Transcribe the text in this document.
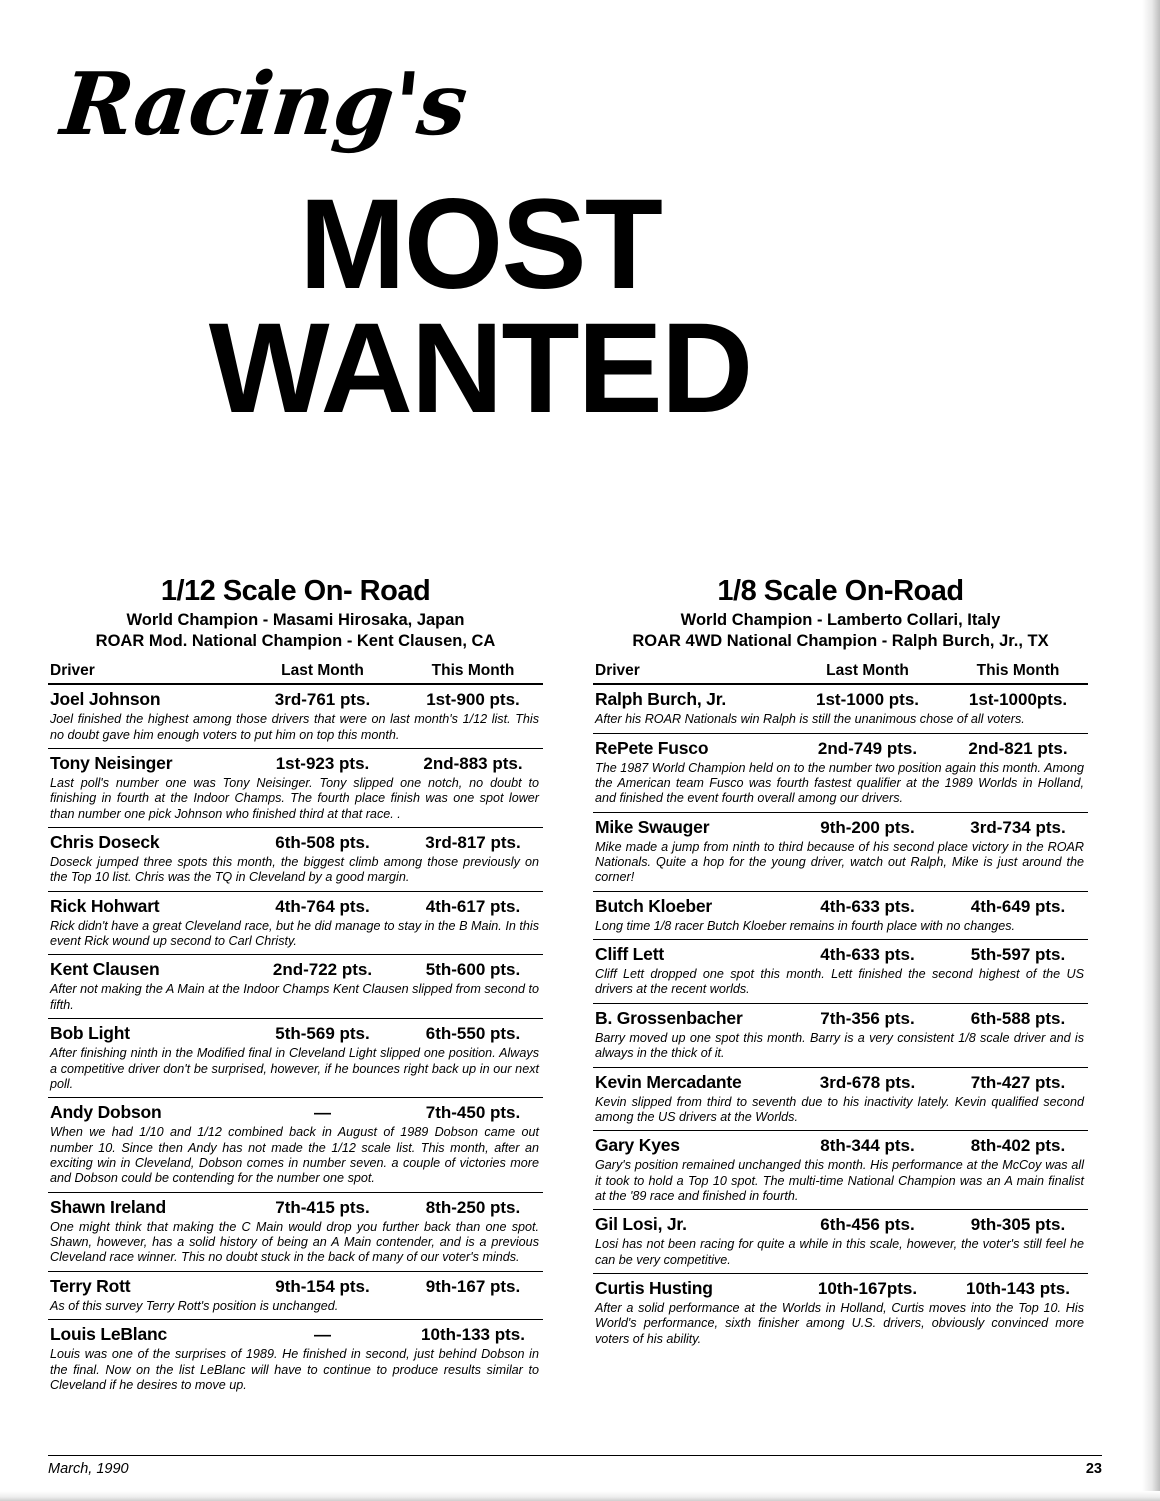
Racing's
MOST
WANTED
1/12 Scale On- Road
World Champion - Masami Hirosaka, Japan
ROAR Mod. National Champion - Kent Clausen, CA
Driver	Last Month	This Month
Joel Johnson	3rd-761 pts.	1st-900 pts.
Joel finished the highest among those drivers that were on last month's 1/12 list. This no doubt gave him enough voters to put him on top this month.
Tony Neisinger	1st-923 pts.	2nd-883 pts.
Last poll's number one was Tony Neisinger. Tony slipped one notch, no doubt to finishing in fourth at the Indoor Champs. The fourth place finish was one spot lower than number one pick Johnson who finished third at that race. .
Chris Doseck	6th-508 pts.	3rd-817 pts.
Doseck jumped three spots this month, the biggest climb among those previously on the Top 10 list. Chris was the TQ in Cleveland by a good margin.
Rick Hohwart	4th-764 pts.	4th-617 pts.
Rick didn't have a great Cleveland race, but he did manage to stay in the B Main. In this event Rick wound up second to Carl Christy.
Kent Clausen	2nd-722 pts.	5th-600 pts.
After not making the A Main at the Indoor Champs Kent Clausen slipped from second to fifth.
Bob Light	5th-569 pts.	6th-550 pts.
After finishing ninth in the Modified final in Cleveland Light slipped one position. Always a competitive driver don't be surprised, however, if he bounces right back up in our next poll.
Andy Dobson	—	7th-450 pts.
When we had 1/10 and 1/12 combined back in August of 1989 Dobson came out number 10. Since then Andy has not made the 1/12 scale list. This month, after an exciting win in Cleveland, Dobson comes in number seven. a couple of victories more and Dobson could be contending for the number one spot.
Shawn Ireland	7th-415 pts.	8th-250 pts.
One might think that making the C Main would drop you further back than one spot. Shawn, however, has a solid history of being an A Main contender, and is a previous Cleveland race winner. This no doubt stuck in the back of many of our voter's minds.
Terry Rott	9th-154 pts.	9th-167 pts.
As of this survey Terry Rott's position is unchanged.
Louis LeBlanc	—	10th-133 pts.
Louis was one of the surprises of 1989. He finished in second, just behind Dobson in the final. Now on the list LeBlanc will have to continue to produce results similar to Cleveland if he desires to move up.
1/8 Scale On-Road
World Champion - Lamberto Collari, Italy
ROAR 4WD National Champion - Ralph Burch, Jr., TX
Driver	Last Month	This Month
Ralph Burch, Jr.	1st-1000 pts.	1st-1000pts.
After his ROAR Nationals win Ralph is still the unanimous chose of all voters.
RePete Fusco	2nd-749 pts.	2nd-821 pts.
The 1987 World Champion held on to the number two position again this month. Among the American team Fusco was fourth fastest qualifier at the 1989 Worlds in Holland, and finished the event fourth overall among our drivers.
Mike Swauger	9th-200 pts.	3rd-734 pts.
Mike made a jump from ninth to third because of his second place victory in the ROAR Nationals. Quite a hop for the young driver, watch out Ralph, Mike is just around the corner!
Butch Kloeber	4th-633 pts.	4th-649 pts.
Long time 1/8 racer Butch Kloeber remains in fourth place with no changes.
Cliff Lett	4th-633 pts.	5th-597 pts.
Cliff Lett dropped one spot this month. Lett finished the second highest of the US drivers at the recent worlds.
B. Grossenbacher	7th-356 pts.	6th-588 pts.
Barry moved up one spot this month. Barry is a very consistent 1/8 scale driver and is always in the thick of it.
Kevin Mercadante	3rd-678 pts.	7th-427 pts.
Kevin slipped from third to seventh due to his inactivity lately. Kevin qualified second among the US drivers at the Worlds.
Gary Kyes	8th-344 pts.	8th-402 pts.
Gary's position remained unchanged this month. His performance at the McCoy was all it took to hold a Top 10 spot. The multi-time National Champion was an A main finalist at the '89 race and finished in fourth.
Gil Losi, Jr.	6th-456 pts.	9th-305 pts.
Losi has not been racing for quite a while in this scale, however, the voter's still feel he can be very competitive.
Curtis Husting	10th-167pts.	10th-143 pts.
After a solid performance at the Worlds in Holland, Curtis moves into the Top 10. His World's performance, sixth finisher among U.S. drivers, obviously convinced more voters of his ability.
March, 1990	23
